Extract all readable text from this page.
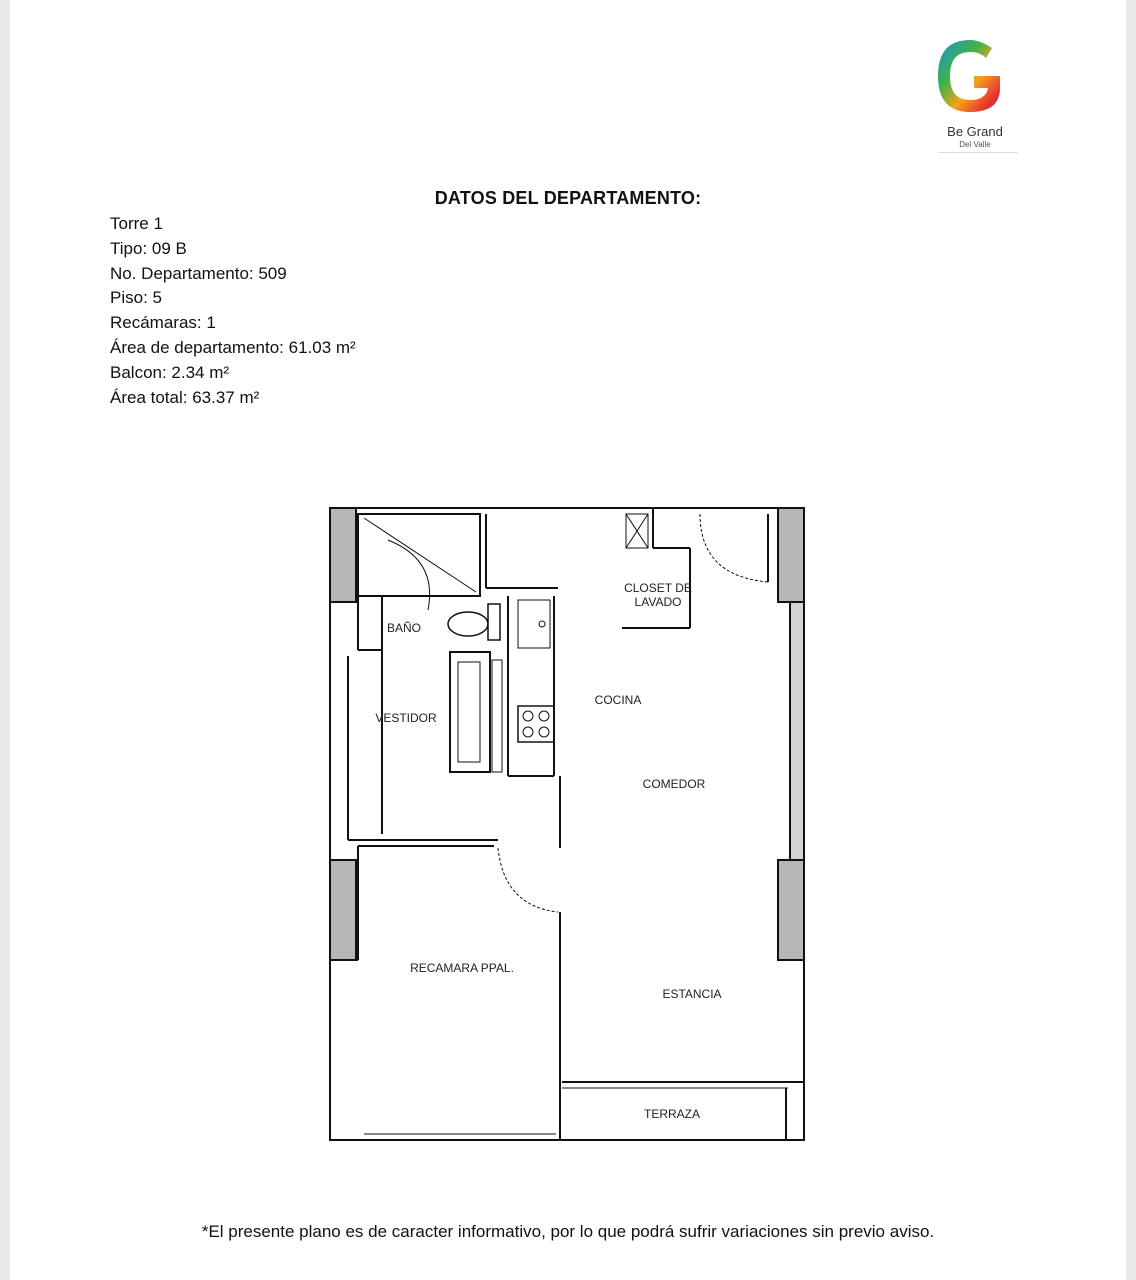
Be Grand
Del Valle
DATOS DEL DEPARTAMENTO:
Torre 1
Tipo: 09 B
No. Departamento: 509
Piso: 5
Recámaras: 1
Área de departamento: 61.03 m²
Balcon: 2.34 m²
Área total: 63.37 m²
CLOSET DE
LAVADO
BAÑO
VESTIDOR
COCINA
COMEDOR
RECAMARA PPAL.
ESTANCIA
TERRAZA
*El presente plano es de caracter informativo, por lo que podrá sufrir variaciones sin previo aviso.
